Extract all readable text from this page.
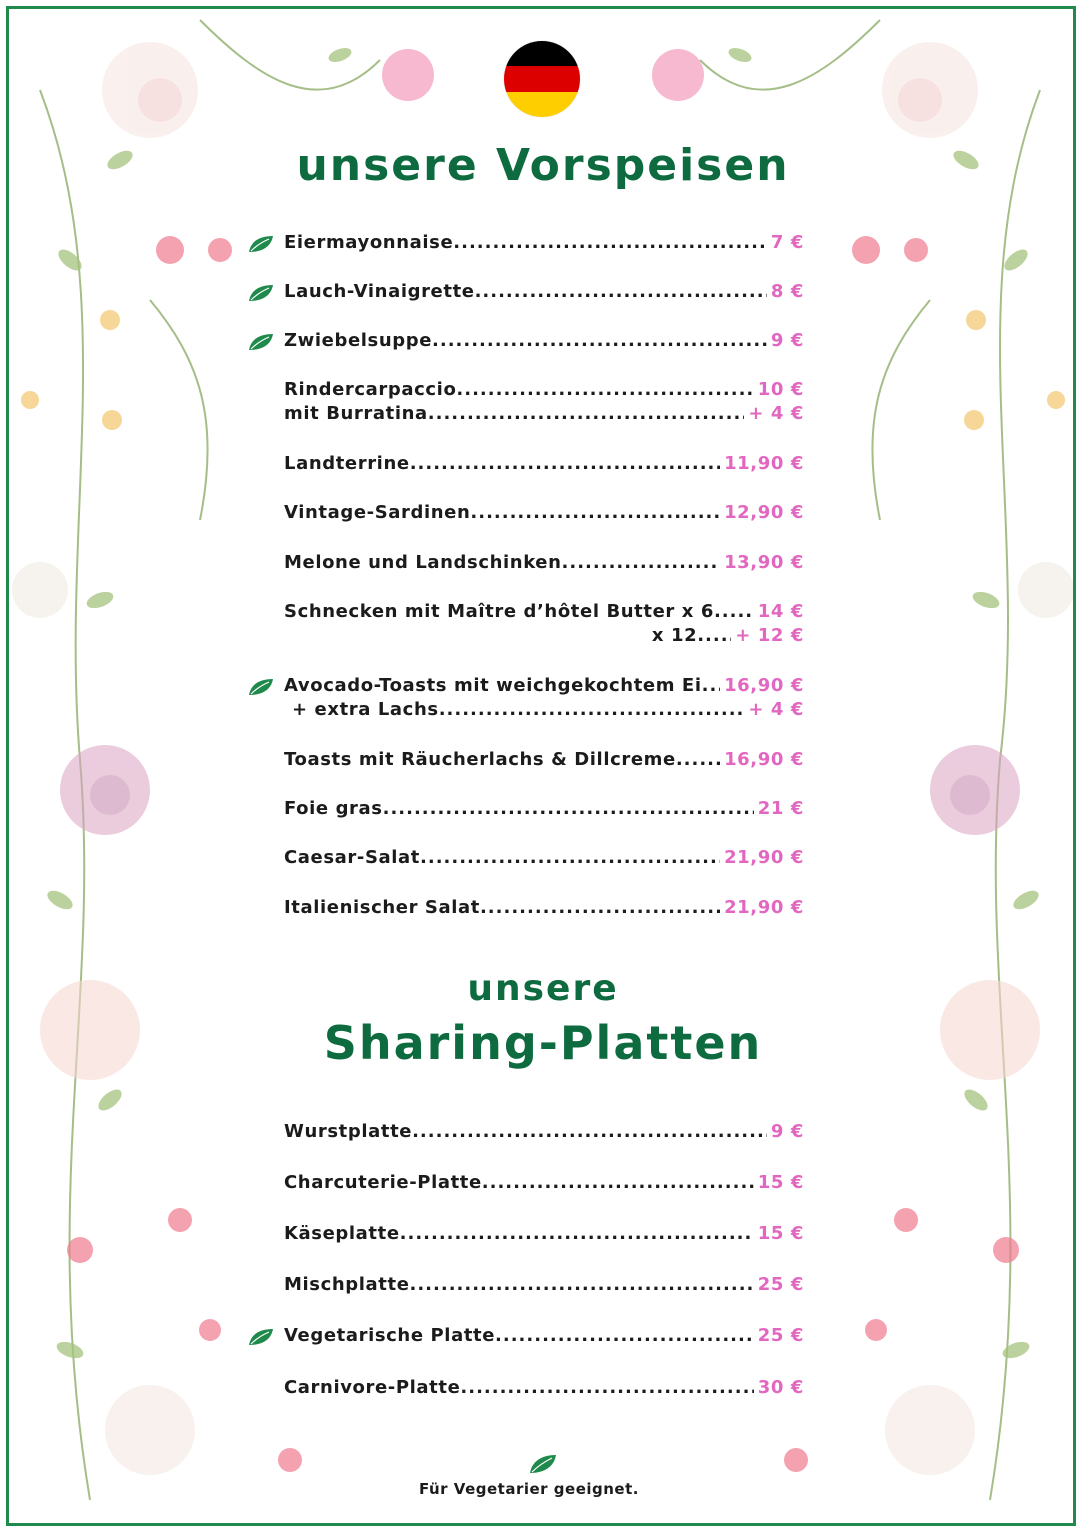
unsere Vorspeisen
Eiermayonnaise .....	7 €
Lauch-Vinaigrette .....	8 €
Zwiebelsuppe .....	9 €
Rindercarpaccio .....	10 €
mit Burratina .....	+ 4 €
Landterrine .....	11,90 €
Vintage-Sardinen .....	12,90 €
Melone und Landschinken .....	13,90 €
Schnecken mit Maître d’hôtel Butter x 6 ..... 14 €
x 12 ..... + 12 €
Avocado-Toasts mit weichgekochtem Ei ..... 16,90 €
+ extra Lachs .....	+ 4 €
Toasts mit Räucherlachs & Dillcreme .....	16,90 €
Foie gras .....	21 €
Caesar-Salat .....	21,90 €
Italienischer Salat .....	21,90 €
unsere
Sharing-Platten
Wurstplatte .....	9 €
Charcuterie-Platte .....	15 €
Käseplatte .....	15 €
Mischplatte .....	25 €
Vegetarische Platte .....	25 €
Carnivore-Platte .....	30 €
Für Vegetarier geeignet.
